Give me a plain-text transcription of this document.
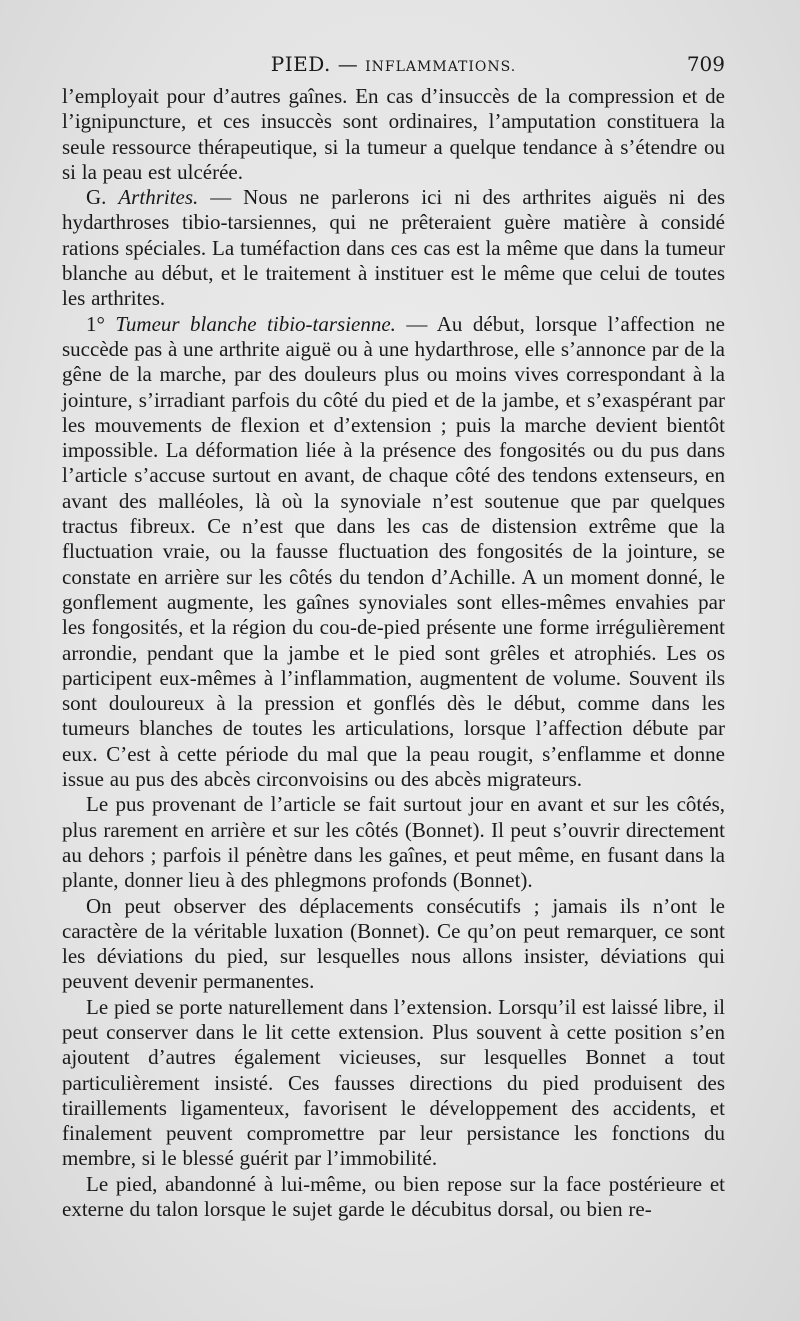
PIED. — INFLAMMATIONS.	709

l’employait pour d’autres gaînes. En cas d’insuccès de la compression et de l’ignipuncture, et ces insuccès sont ordinaires, l’amputation constituera la seule ressource thérapeutique, si la tumeur a quelque tendance à s’étendre ou si la peau est ulcérée.

G. Arthrites. — Nous ne parlerons ici ni des arthrites aiguës ni des hydarthroses tibio-tarsiennes, qui ne prêteraient guère matière à considé rations spéciales. La tuméfaction dans ces cas est la même que dans la tumeur blanche au début, et le traitement à instituer est le même que celui de toutes les arthrites.

1° Tumeur blanche tibio-tarsienne. — Au début, lorsque l’affection ne succède pas à une arthrite aiguë ou à une hydarthrose, elle s’annonce par de la gêne de la marche, par des douleurs plus ou moins vives correspondant à la jointure, s’irradiant parfois du côté du pied et de la jambe, et s’exaspérant par les mouvements de flexion et d’extension ; puis la marche devient bientôt impossible. La déformation liée à la présence des fongosités ou du pus dans l’article s’accuse surtout en avant, de chaque côté des tendons extenseurs, en avant des malléoles, là où la synoviale n’est soutenue que par quelques tractus fibreux. Ce n’est que dans les cas de distension extrême que la fluctuation vraie, ou la fausse fluctuation des fongosités de la jointure, se constate en arrière sur les côtés du tendon d’Achille. A un moment donné, le gonflement augmente, les gaînes synoviales sont elles-mêmes envahies par les fongosités, et la région du cou-de-pied présente une forme irrégulièrement arrondie, pendant que la jambe et le pied sont grêles et atrophiés. Les os participent eux-mêmes à l’inflammation, augmentent de volume. Souvent ils sont douloureux à la pression et gonflés dès le début, comme dans les tumeurs blanches de toutes les articulations, lorsque l’affection débute par eux. C’est à cette période du mal que la peau rougit, s’enflamme et donne issue au pus des abcès circonvoisins ou des abcès migrateurs.

Le pus provenant de l’article se fait surtout jour en avant et sur les côtés, plus rarement en arrière et sur les côtés (Bonnet). Il peut s’ouvrir directement au dehors ; parfois il pénètre dans les gaînes, et peut même, en fusant dans la plante, donner lieu à des phlegmons profonds (Bonnet).

On peut observer des déplacements consécutifs ; jamais ils n’ont le caractère de la véritable luxation (Bonnet). Ce qu’on peut remarquer, ce sont les déviations du pied, sur lesquelles nous allons insister, déviations qui peuvent devenir permanentes.

Le pied se porte naturellement dans l’extension. Lorsqu’il est laissé libre, il peut conserver dans le lit cette extension. Plus souvent à cette position s’en ajoutent d’autres également vicieuses, sur lesquelles Bonnet a tout particulièrement insisté. Ces fausses directions du pied produisent des tiraillements ligamenteux, favorisent le développement des accidents, et finalement peuvent compromettre par leur persistance les fonctions du membre, si le blessé guérit par l’immobilité.

Le pied, abandonné à lui-même, ou bien repose sur la face postérieure et externe du talon lorsque le sujet garde le décubitus dorsal, ou bien re-
